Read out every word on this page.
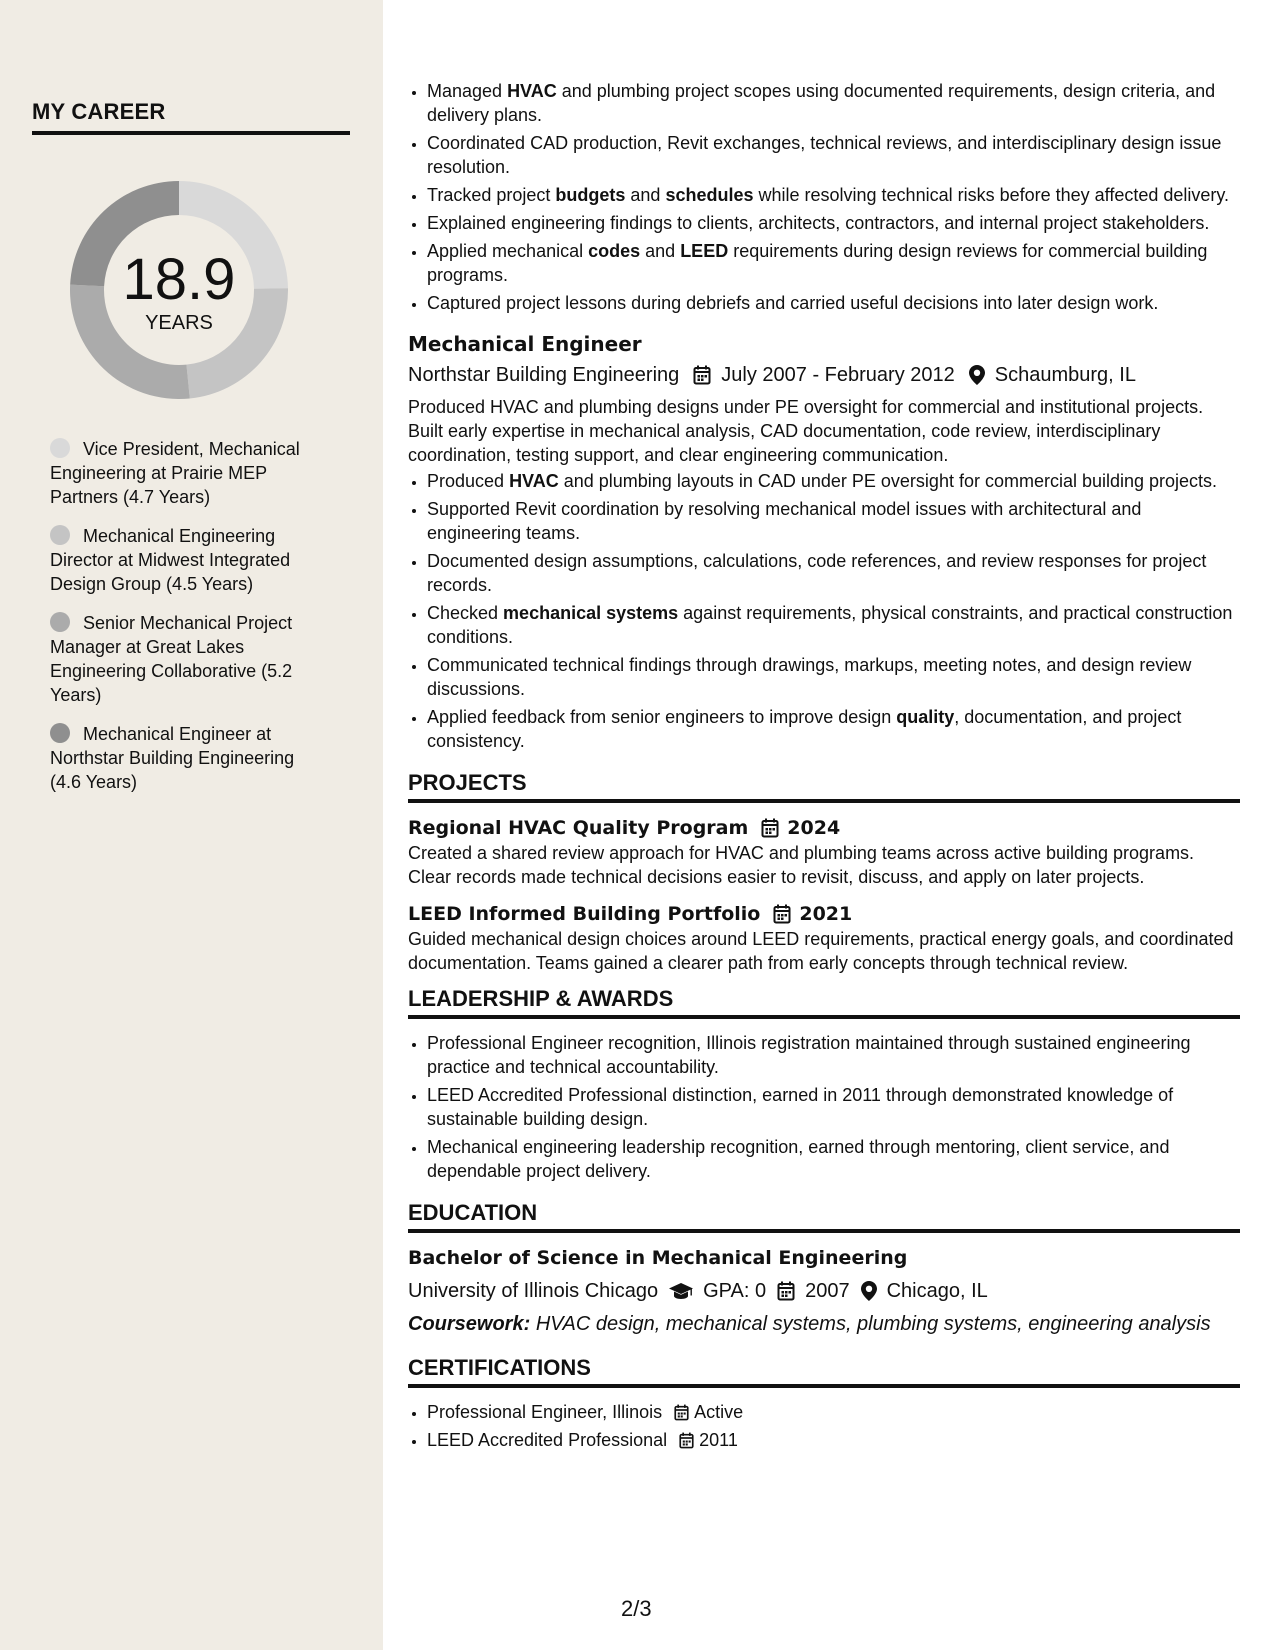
MY CAREER
18.9
YEARS
Vice President, Mechanical Engineering at Prairie MEP Partners (4.7 Years)
Mechanical Engineering Director at Midwest Integrated Design Group (4.5 Years)
Senior Mechanical Project Manager at Great Lakes Engineering Collaborative (5.2 Years)
Mechanical Engineer at Northstar Building Engineering (4.6 Years)
• Managed HVAC and plumbing project scopes using documented requirements, design criteria, and delivery plans.
• Coordinated CAD production, Revit exchanges, technical reviews, and interdisciplinary design issue resolution.
• Tracked project budgets and schedules while resolving technical risks before they affected delivery.
• Explained engineering findings to clients, architects, contractors, and internal project stakeholders.
• Applied mechanical codes and LEED requirements during design reviews for commercial building programs.
• Captured project lessons during debriefs and carried useful decisions into later design work.
Mechanical Engineer
Northstar Building Engineering July 2007 - February 2012 Schaumburg, IL
Produced HVAC and plumbing designs under PE oversight for commercial and institutional projects. Built early expertise in mechanical analysis, CAD documentation, code review, interdisciplinary coordination, testing support, and clear engineering communication.
• Produced HVAC and plumbing layouts in CAD under PE oversight for commercial building projects.
• Supported Revit coordination by resolving mechanical model issues with architectural and engineering teams.
• Documented design assumptions, calculations, code references, and review responses for project records.
• Checked mechanical systems against requirements, physical constraints, and practical construction conditions.
• Communicated technical findings through drawings, markups, meeting notes, and design review discussions.
• Applied feedback from senior engineers to improve design quality, documentation, and project consistency.
PROJECTS
Regional HVAC Quality Program 2024
Created a shared review approach for HVAC and plumbing teams across active building programs. Clear records made technical decisions easier to revisit, discuss, and apply on later projects.
LEED Informed Building Portfolio 2021
Guided mechanical design choices around LEED requirements, practical energy goals, and coordinated documentation. Teams gained a clearer path from early concepts through technical review.
LEADERSHIP & AWARDS
• Professional Engineer recognition, Illinois registration maintained through sustained engineering practice and technical accountability.
• LEED Accredited Professional distinction, earned in 2011 through demonstrated knowledge of sustainable building design.
• Mechanical engineering leadership recognition, earned through mentoring, client service, and dependable project delivery.
EDUCATION
Bachelor of Science in Mechanical Engineering
University of Illinois Chicago GPA: 0 2007 Chicago, IL
Coursework: HVAC design, mechanical systems, plumbing systems, engineering analysis
CERTIFICATIONS
• Professional Engineer, Illinois Active
• LEED Accredited Professional 2011
2/3
